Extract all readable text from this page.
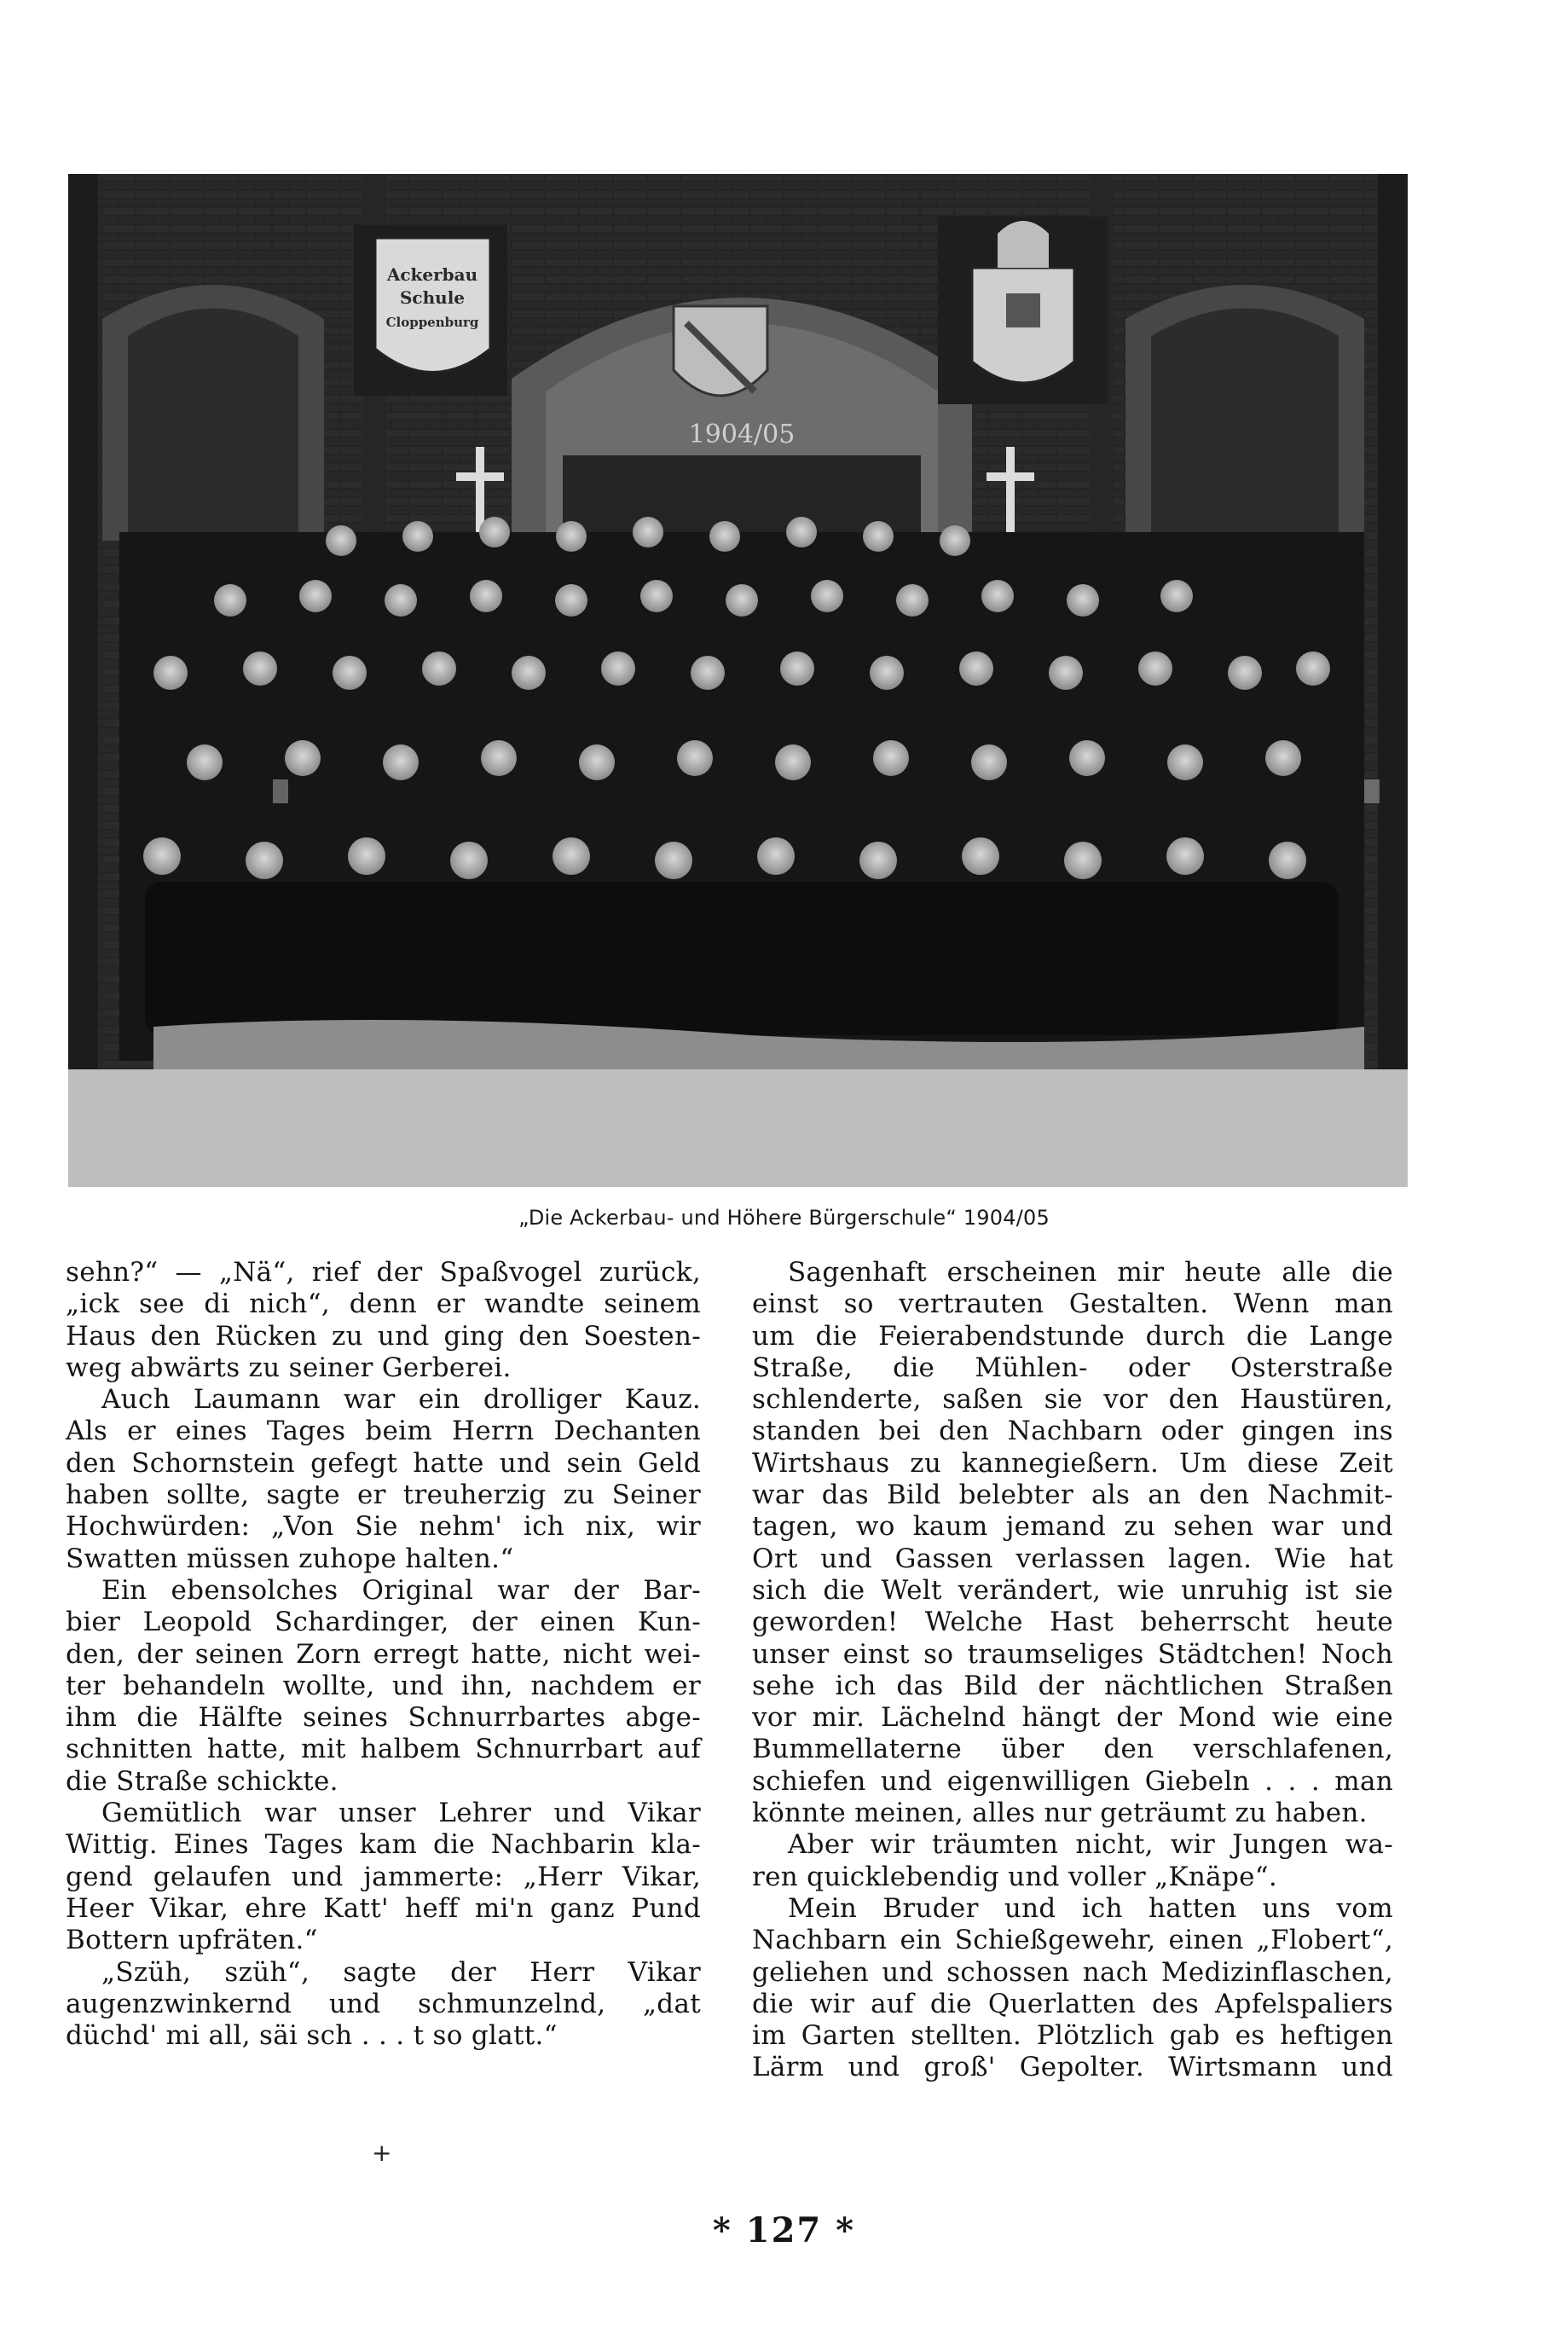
1904/05
Ackerbau
Schule
Cloppenburg
„Die Ackerbau- und Höhere Bürgerschule“ 1904/05
sehn?“ — „Nä“, rief der Spaßvogel zurück,
„ick see di nich“, denn er wandte seinem
Haus den Rücken zu und ging den Soesten-
weg abwärts zu seiner Gerberei.
Auch Laumann war ein drolliger Kauz.
Als er eines Tages beim Herrn Dechanten
den Schornstein gefegt hatte und sein Geld
haben sollte, sagte er treuherzig zu Seiner
Hochwürden: „Von Sie nehm' ich nix, wir
Swatten müssen zuhope halten.“
Ein ebensolches Original war der Bar-
bier Leopold Schardinger, der einen Kun-
den, der seinen Zorn erregt hatte, nicht wei-
ter behandeln wollte, und ihn, nachdem er
ihm die Hälfte seines Schnurrbartes abge-
schnitten hatte, mit halbem Schnurrbart auf
die Straße schickte.
Gemütlich war unser Lehrer und Vikar
Wittig. Eines Tages kam die Nachbarin kla-
gend gelaufen und jammerte: „Herr Vikar,
Heer Vikar, ehre Katt' heff mi'n ganz Pund
Bottern upfräten.“
„Szüh, szüh“, sagte der Herr Vikar
augenzwinkernd und schmunzelnd, „dat
düchd' mi all, säi sch . . . t so glatt.“
+
Sagenhaft erscheinen mir heute alle die
einst so vertrauten Gestalten. Wenn man
um die Feierabendstunde durch die Lange
Straße, die Mühlen- oder Osterstraße
schlenderte, saßen sie vor den Haustüren,
standen bei den Nachbarn oder gingen ins
Wirtshaus zu kannegießern. Um diese Zeit
war das Bild belebter als an den Nachmit-
tagen, wo kaum jemand zu sehen war und
Ort und Gassen verlassen lagen. Wie hat
sich die Welt verändert, wie unruhig ist sie
geworden! Welche Hast beherrscht heute
unser einst so traumseliges Städtchen! Noch
sehe ich das Bild der nächtlichen Straßen
vor mir. Lächelnd hängt der Mond wie eine
Bummellaterne über den verschlafenen,
schiefen und eigenwilligen Giebeln . . . man
könnte meinen, alles nur geträumt zu haben.
Aber wir träumten nicht, wir Jungen wa-
ren quicklebendig und voller „Knäpe“.
Mein Bruder und ich hatten uns vom
Nachbarn ein Schießgewehr, einen „Flobert“,
geliehen und schossen nach Medizinflaschen,
die wir auf die Querlatten des Apfelspaliers
im Garten stellten. Plötzlich gab es heftigen
Lärm und groß' Gepolter. Wirtsmann und
* 127 *
